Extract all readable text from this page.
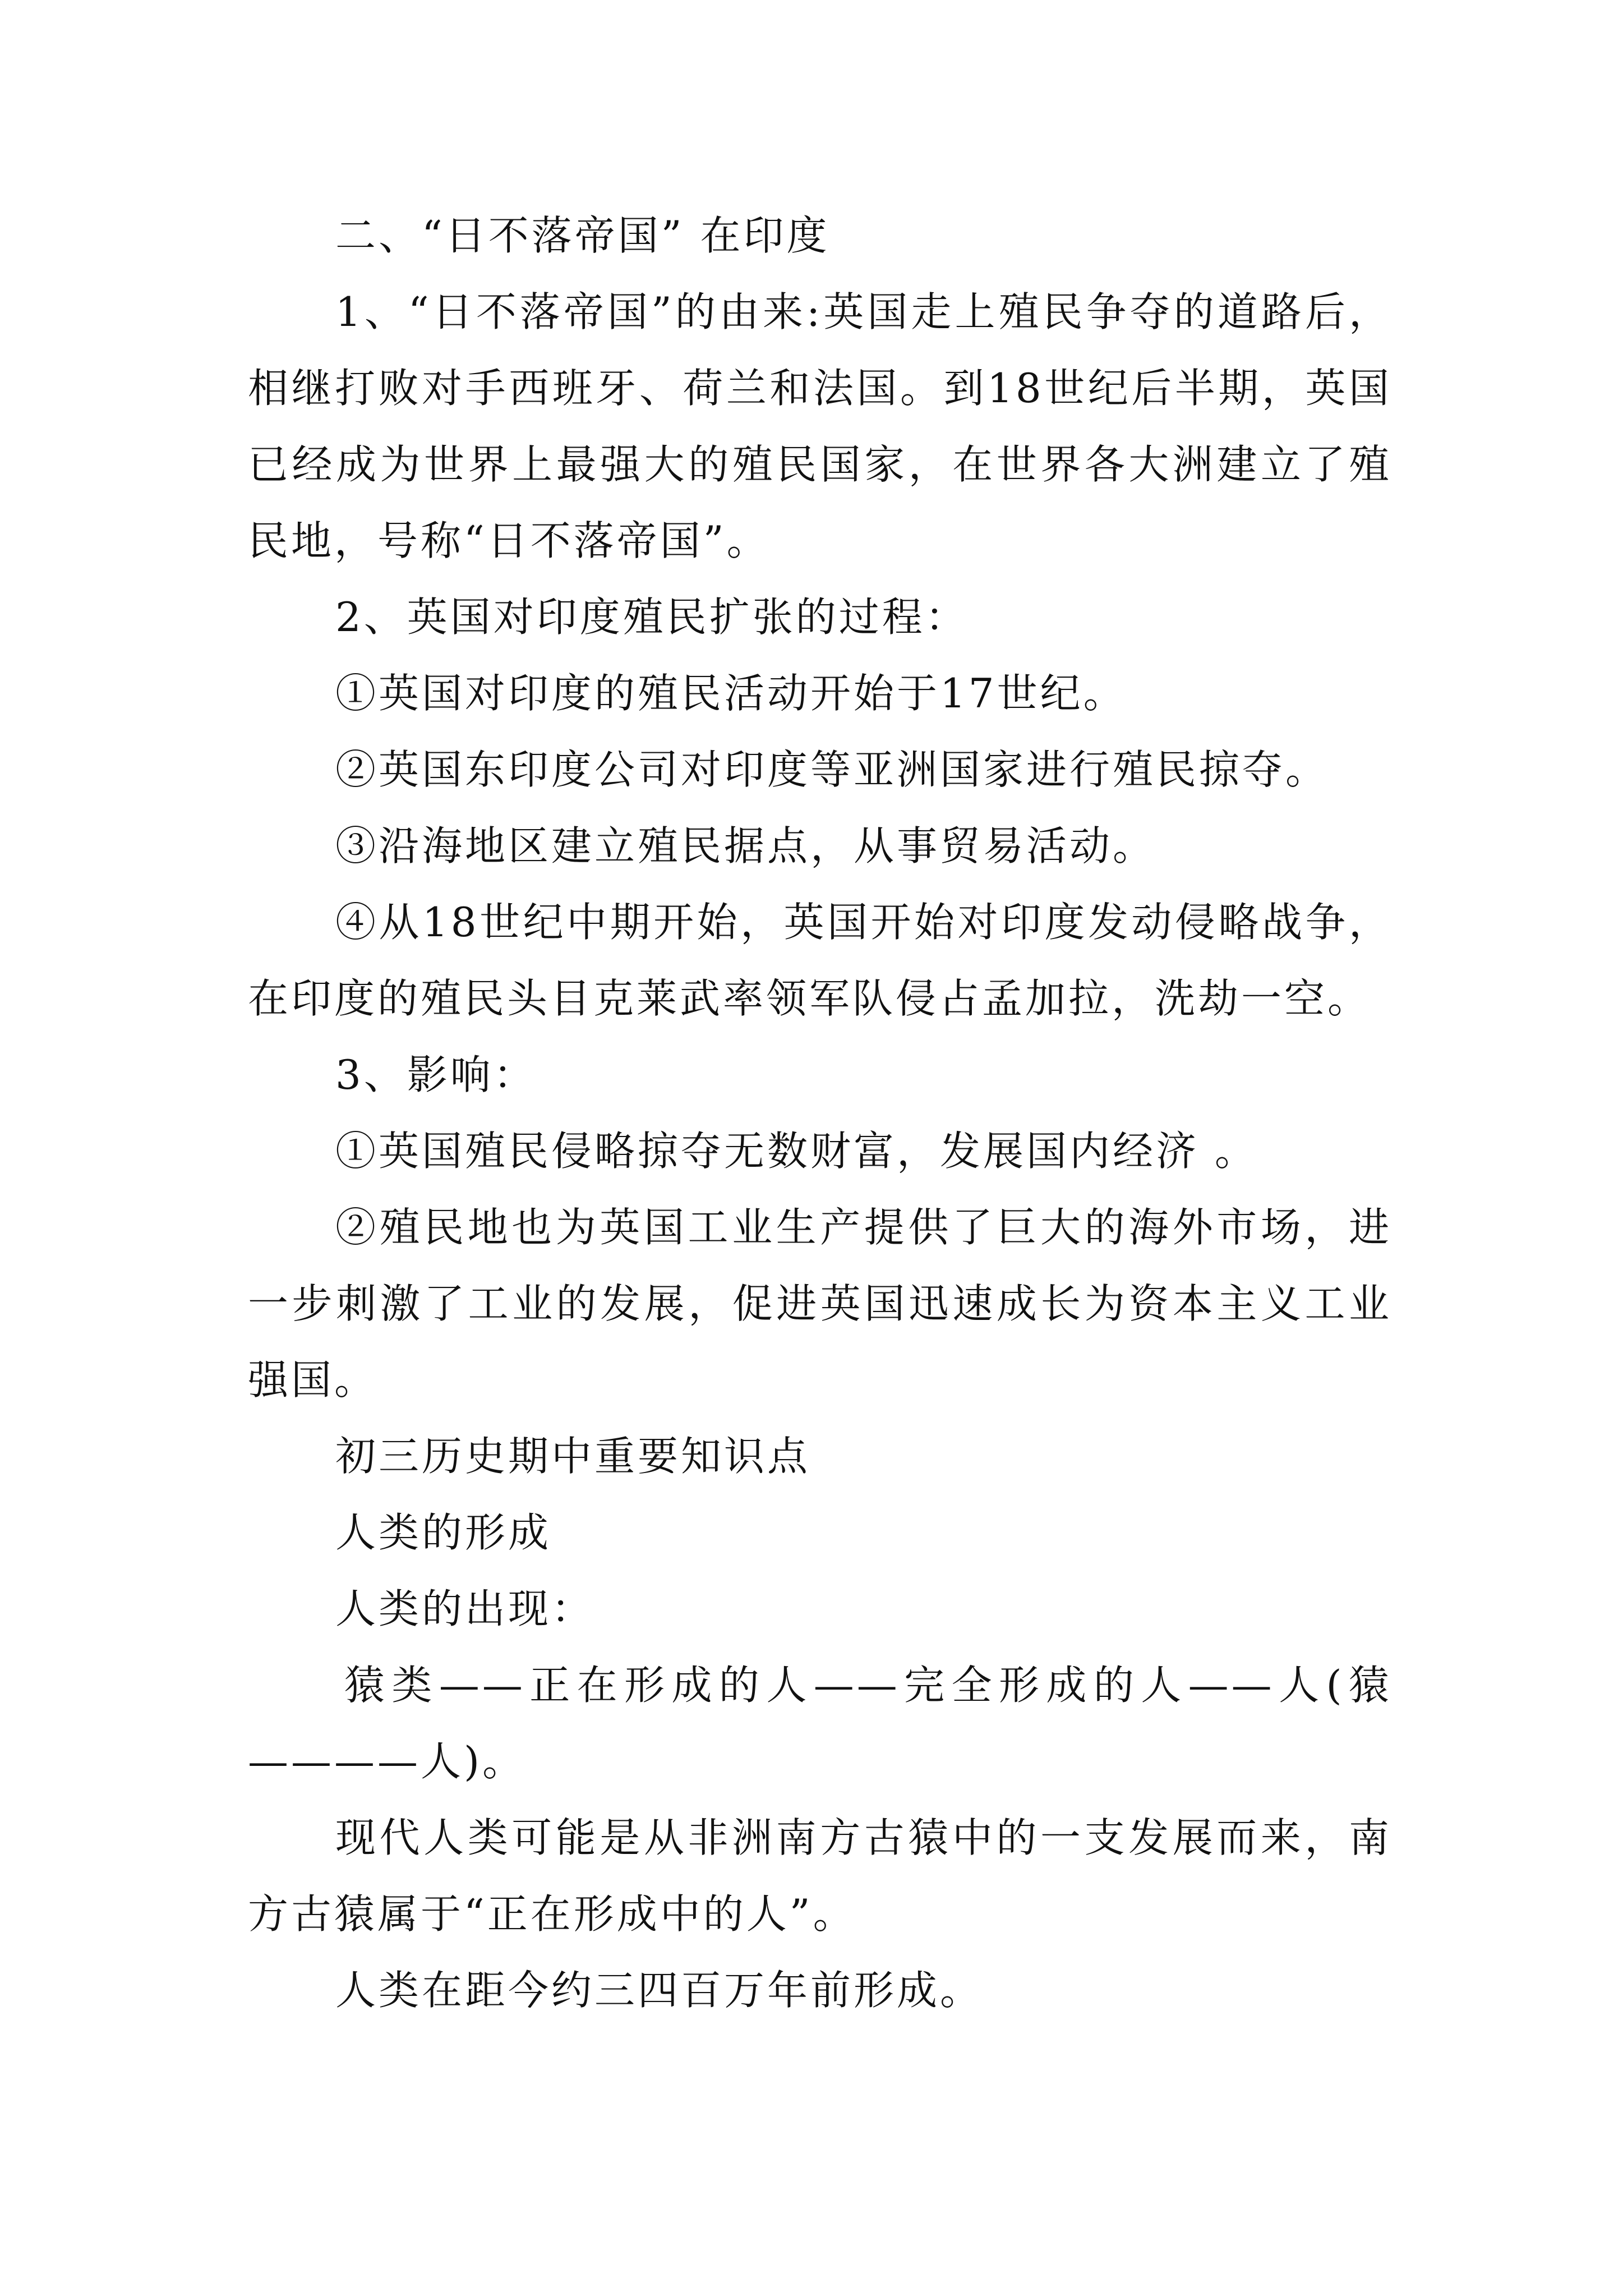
二、“日不落帝国” 在印度

1、“日不落帝国”的由来:英国走上殖民争夺的道路后，相继打败对手西班牙、荷兰和法国。到18世纪后半期，英国已经成为世界上最强大的殖民国家，在世界各大洲建立了殖民地，号称“日不落帝国”。

2、英国对印度殖民扩张的过程：

①英国对印度的殖民活动开始于17世纪。

②英国东印度公司对印度等亚洲国家进行殖民掠夺。

③沿海地区建立殖民据点，从事贸易活动。

④从18世纪中期开始，英国开始对印度发动侵略战争，在印度的殖民头目克莱武率领军队侵占孟加拉，洗劫一空。

3、影响：

①英国殖民侵略掠夺无数财富，发展国内经济 。

②殖民地也为英国工业生产提供了巨大的海外市场，进一步刺激了工业的发展，促进英国迅速成长为资本主义工业强国。

初三历史期中重要知识点

人类的形成

人类的出现：

猿类——正在形成的人——完全形成的人——人(猿————人)。

现代人类可能是从非洲南方古猿中的一支发展而来，南方古猿属于“正在形成中的人”。

人类在距今约三四百万年前形成。
